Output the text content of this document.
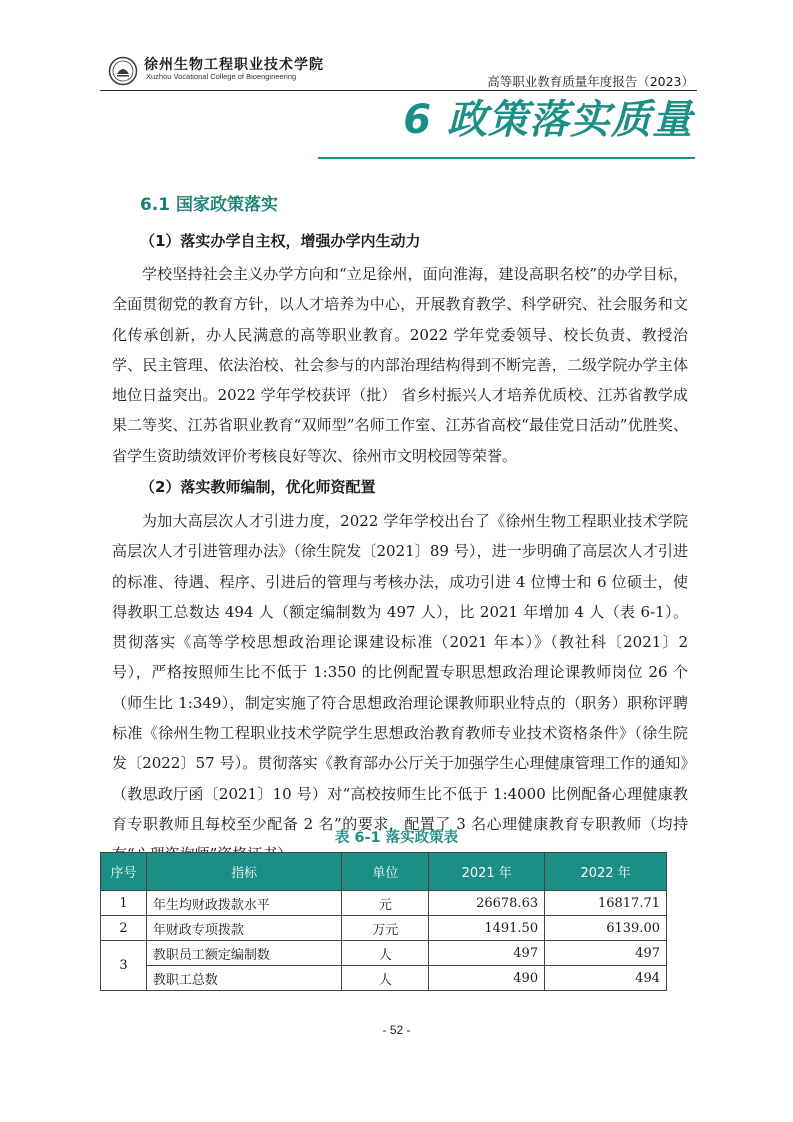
徐州生物工程职业技术学院
Xuzhou Vocational College of Bioengineering	高等职业教育质量年度报告（2023）
6 政策落实质量
6.1 国家政策落实
（1）落实办学自主权，增强办学内生动力
学校坚持社会主义办学方向和“立足徐州，面向淮海，建设高职名校”的办学目标，全面贯彻党的教育方针，以人才培养为中心，开展教育教学、科学研究、社会服务和文化传承创新，办人民满意的高等职业教育。2022 学年党委领导、校长负责、教授治学、民主管理、依法治校、社会参与的内部治理结构得到不断完善，二级学院办学主体地位日益突出。2022 学年学校获评（批） 省乡村振兴人才培养优质校、江苏省教学成果二等奖、江苏省职业教育“双师型”名师工作室、江苏省高校“最佳党日活动”优胜奖、省学生资助绩效评价考核良好等次、徐州市文明校园等荣誉。
（2）落实教师编制，优化师资配置
为加大高层次人才引进力度，2022 学年学校出台了《徐州生物工程职业技术学院高层次人才引进管理办法》（徐生院发〔2021〕89 号），进一步明确了高层次人才引进的标准、待遇、程序、引进后的管理与考核办法，成功引进 4 位博士和 6 位硕士，使得教职工总数达 494 人（额定编制数为 497 人），比 2021 年增加 4 人（表 6-1）。贯彻落实《高等学校思想政治理论课建设标准（2021 年本）》（教社科〔2021〕2 号），严格按照师生比不低于 1:350 的比例配置专职思想政治理论课教师岗位 26 个（师生比 1:349），制定实施了符合思想政治理论课教师职业特点的（职务）职称评聘标准《徐州生物工程职业技术学院学生思想政治教育教师专业技术资格条件》（徐生院发〔2022〕57 号）。贯彻落实《教育部办公厅关于加强学生心理健康管理工作的通知》（教思政厅函〔2021〕10 号）对“高校按师生比不低于 1:4000 比例配备心理健康教育专职教师且每校至少配备 2 名”的要求，配置了 3 名心理健康教育专职教师（均持
表 6-1 落实政策表
序号	指标	单位	2021 年	2022 年
1	年生均财政拨款水平	元	26678.63	16817.71
2	年财政专项拨款	万元	1491.50	6139.00
3	教职员工额定编制数	人	497	497
	教职工总数	人	490	494
- 52 -
